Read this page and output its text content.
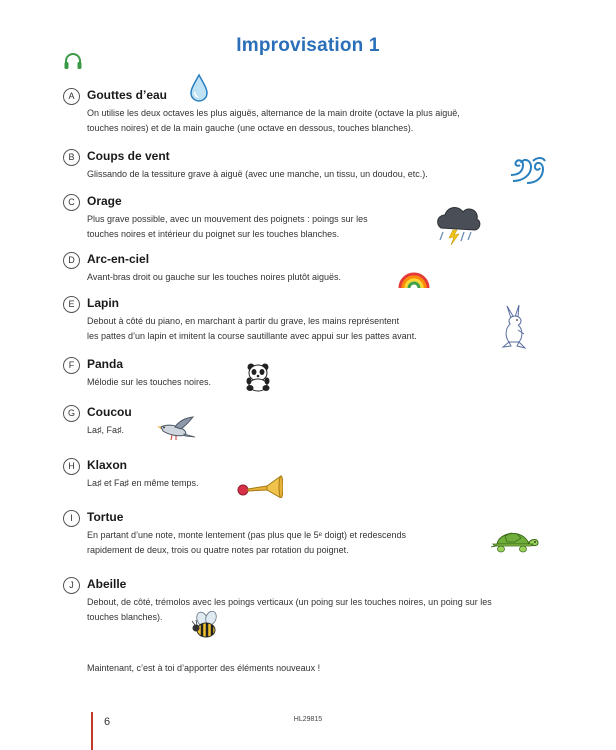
Improvisation 1
A	Gouttes d’eau
On utilise les deux octaves les plus aiguës, alternance de la main droite (octave la plus aiguë,
touches noires) et de la main gauche (une octave en dessous, touches blanches).
B	Coups de vent
Glissando de la tessiture grave à aiguë (avec une manche, un tissu, un doudou, etc.).
C	Orage
Plus grave possible, avec un mouvement des poignets : poings sur les
touches noires et intérieur du poignet sur les touches blanches.
D	Arc-en-ciel
Avant-bras droit ou gauche sur les touches noires plutôt aiguës.
E	Lapin
Debout à côté du piano, en marchant à partir du grave, les mains représentent
les pattes d’un lapin et imitent la course sautillante avec appui sur les pattes avant.
F	Panda
Mélodie sur les touches noires.
G	Coucou
La♯, Fa♯.
H	Klaxon
La♯ et Fa♯ en même temps.
I	Tortue
En partant d’une note, monte lentement (pas plus que le 5ᵉ doigt) et redescends
rapidement de deux, trois ou quatre notes par rotation du poignet.
J	Abeille
Debout, de côté, trémolos avec les poings verticaux (un poing sur les touches noires, un poing sur les
touches blanches).
Maintenant, c’est à toi d’apporter des éléments nouveaux !
6	HL29815
